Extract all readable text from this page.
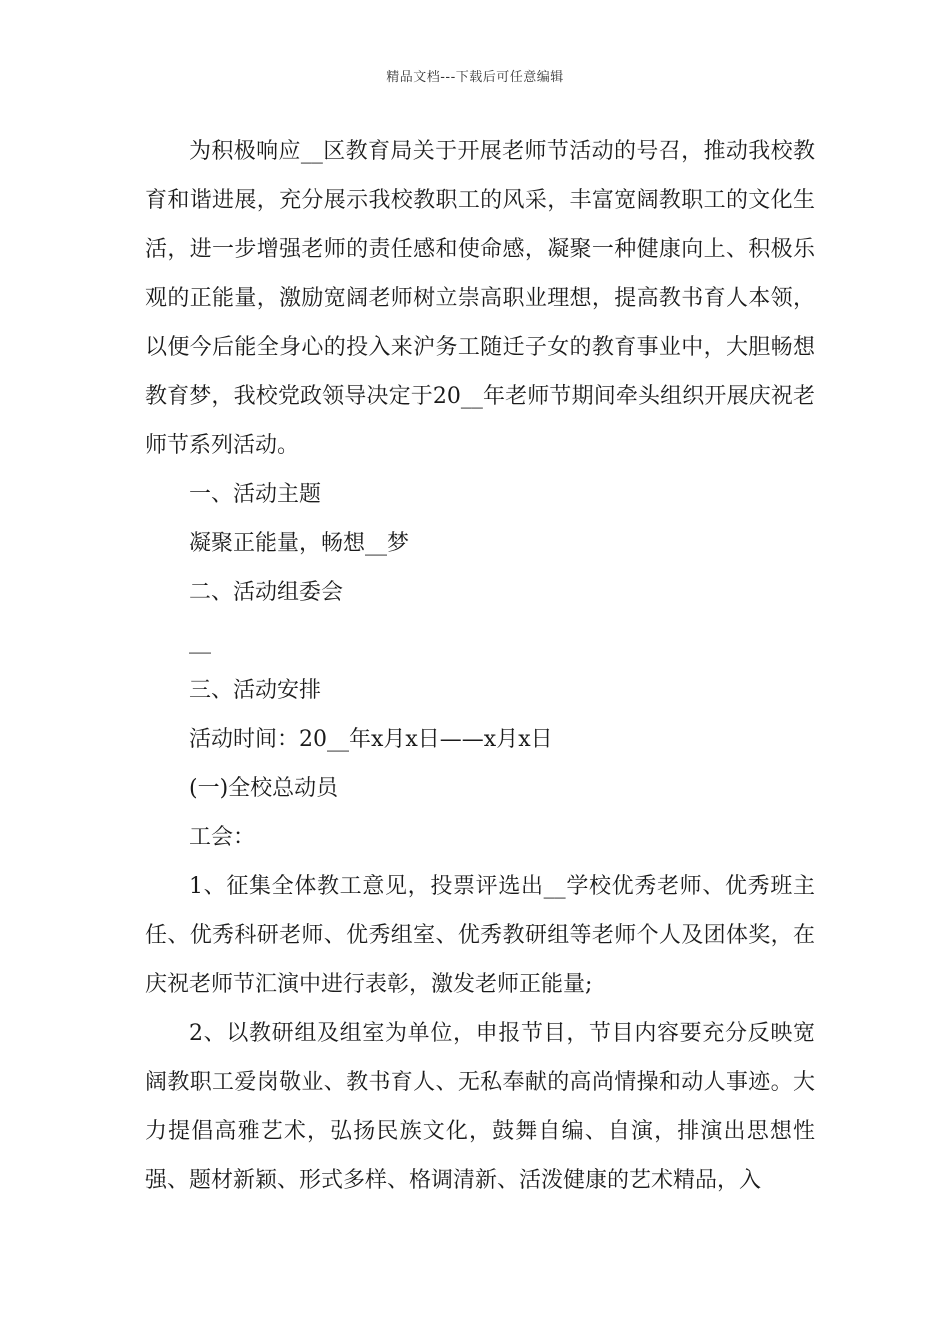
精品文档---下载后可任意编辑

为积极响应__区教育局关于开展老师节活动的号召，推动我校教育和谐进展，充分展示我校教职工的风采，丰富宽阔教职工的文化生活，进一步增强老师的责任感和使命感，凝聚一种健康向上、积极乐观的正能量，激励宽阔老师树立崇高职业理想，提高教书育人本领，以便今后能全身心的投入来沪务工随迁子女的教育事业中，大胆畅想教育梦，我校党政领导决定于20__年老师节期间牵头组织开展庆祝老师节系列活动。

一、活动主题

凝聚正能量，畅想__梦

二、活动组委会

__

三、活动安排

活动时间：20__年x月x日——x月x日

(一)全校总动员

工会：

1、征集全体教工意见，投票评选出__学校优秀老师、优秀班主任、优秀科研老师、优秀组室、优秀教研组等老师个人及团体奖，在庆祝老师节汇演中进行表彰，激发老师正能量;

2、以教研组及组室为单位，申报节目，节目内容要充分反映宽阔教职工爱岗敬业、教书育人、无私奉献的高尚情操和动人事迹。大力提倡高雅艺术，弘扬民族文化，鼓舞自编、自演，排演出思想性强、题材新颖、形式多样、格调清新、活泼健康的艺术精品，入
